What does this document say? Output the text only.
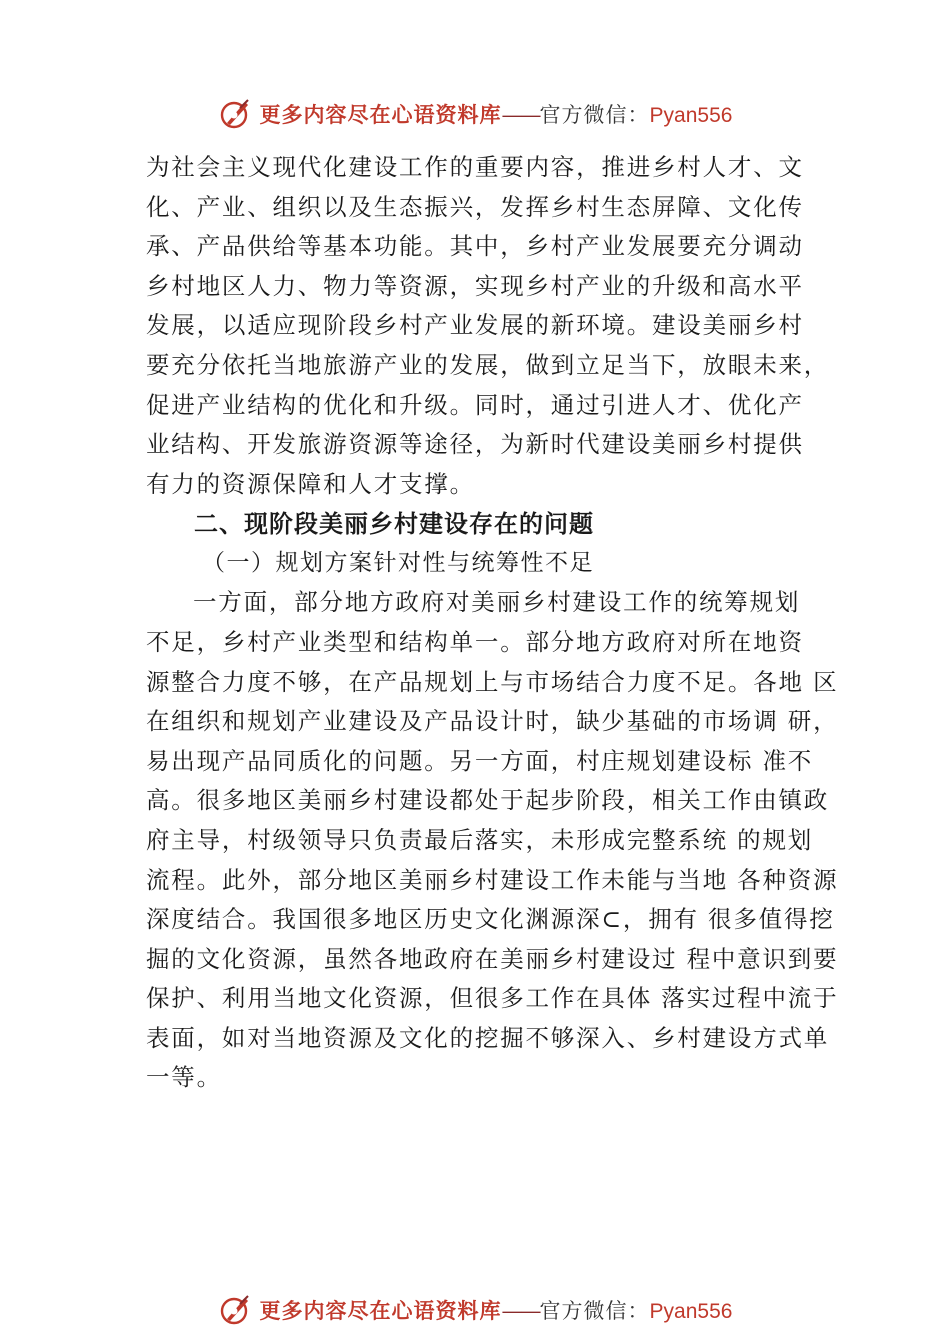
更多内容尽在心语资料库——官方微信：Pyan556
为社会主义现代化建设工作的重要内容，推进乡村人才、文
化、产业、组织以及生态振兴，发挥乡村生态屏障、文化传
承、产品供给等基本功能。其中，乡村产业发展要充分调动
乡村地区人力、物力等资源，实现乡村产业的升级和高水平
发展，以适应现阶段乡村产业发展的新环境。建设美丽乡村
要充分依托当地旅游产业的发展，做到立足当下，放眼未来，
促进产业结构的优化和升级。同时，通过引进人才、优化产
业结构、开发旅游资源等途径，为新时代建设美丽乡村提供
有力的资源保障和人才支撑。
二、现阶段美丽乡村建设存在的问题
（一）规划方案针对性与统筹性不足
一方面，部分地方政府对美丽乡村建设工作的统筹规划
不足，乡村产业类型和结构单一。部分地方政府对所在地资
源整合力度不够，在产品规划上与市场结合力度不足。各地 区
在组织和规划产业建设及产品设计时，缺少基础的市场调 研，
易出现产品同质化的问题。另一方面，村庄规划建设标 准不
高。很多地区美丽乡村建设都处于起步阶段，相关工作由镇政
府主导，村级领导只负责最后落实，未形成完整系统 的规划
流程。此外，部分地区美丽乡村建设工作未能与当地 各种资源
深度结合。我国很多地区历史文化渊源深⊂，拥有 很多值得挖
掘的文化资源，虽然各地政府在美丽乡村建设过 程中意识到要
保护、利用当地文化资源，但很多工作在具体 落实过程中流于
表面，如对当地资源及文化的挖掘不够深入、乡村建设方式单
一等。
更多内容尽在心语资料库——官方微信：Pyan556
